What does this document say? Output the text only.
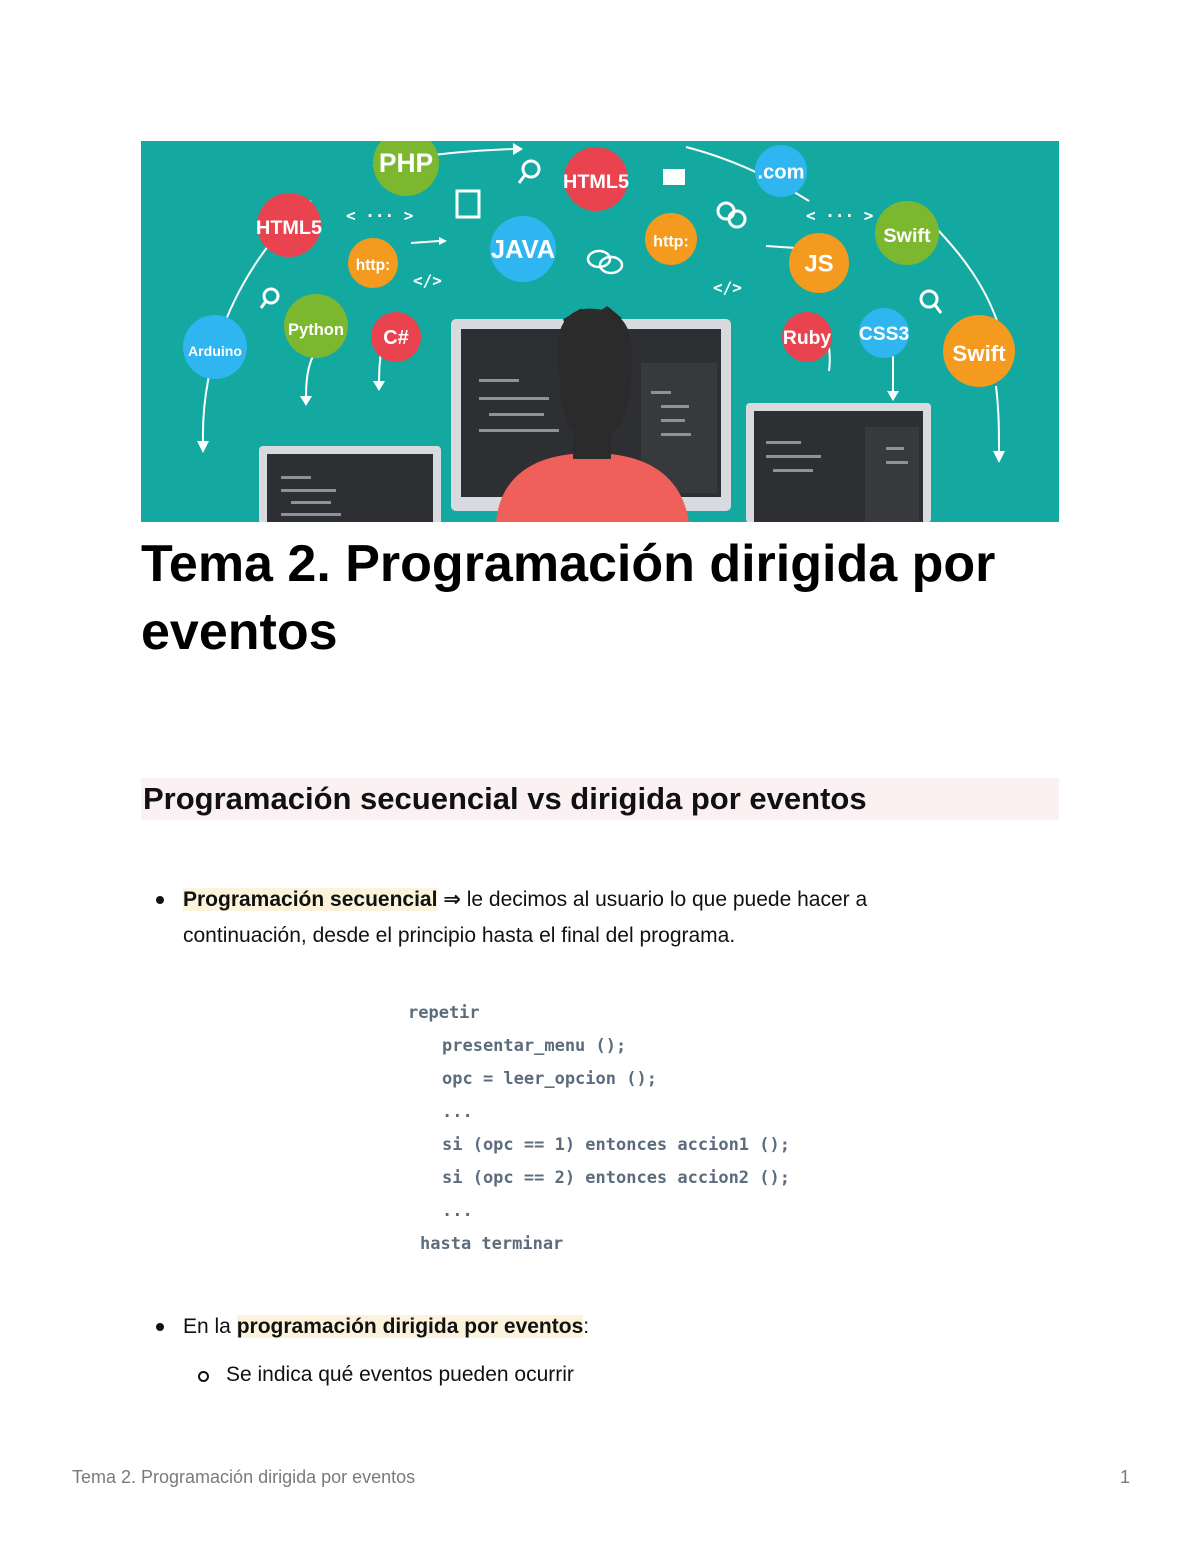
< ··· >
</>
< ··· >
</>
PHP
HTML5
HTML5	.com
Swift
http:
JAVA	http:
JS
Python C#
Arduino
Ruby CSS3
Swift
Tema 2. Programación dirigida por eventos
Programación secuencial vs dirigida por eventos
Programación secuencial ⇒ le decimos al usuario lo que puede hacer a
continuación, desde el principio hasta el final del programa.
repetir
presentar_menu ();
opc = leer_opcion ();
...
si (opc == 1) entonces accion1 ();
si (opc == 2) entonces accion2 ();
...
hasta terminar
En la programación dirigida por eventos:
Se indica qué eventos pueden ocurrir
Tema 2. Programación dirigida por eventos	1
